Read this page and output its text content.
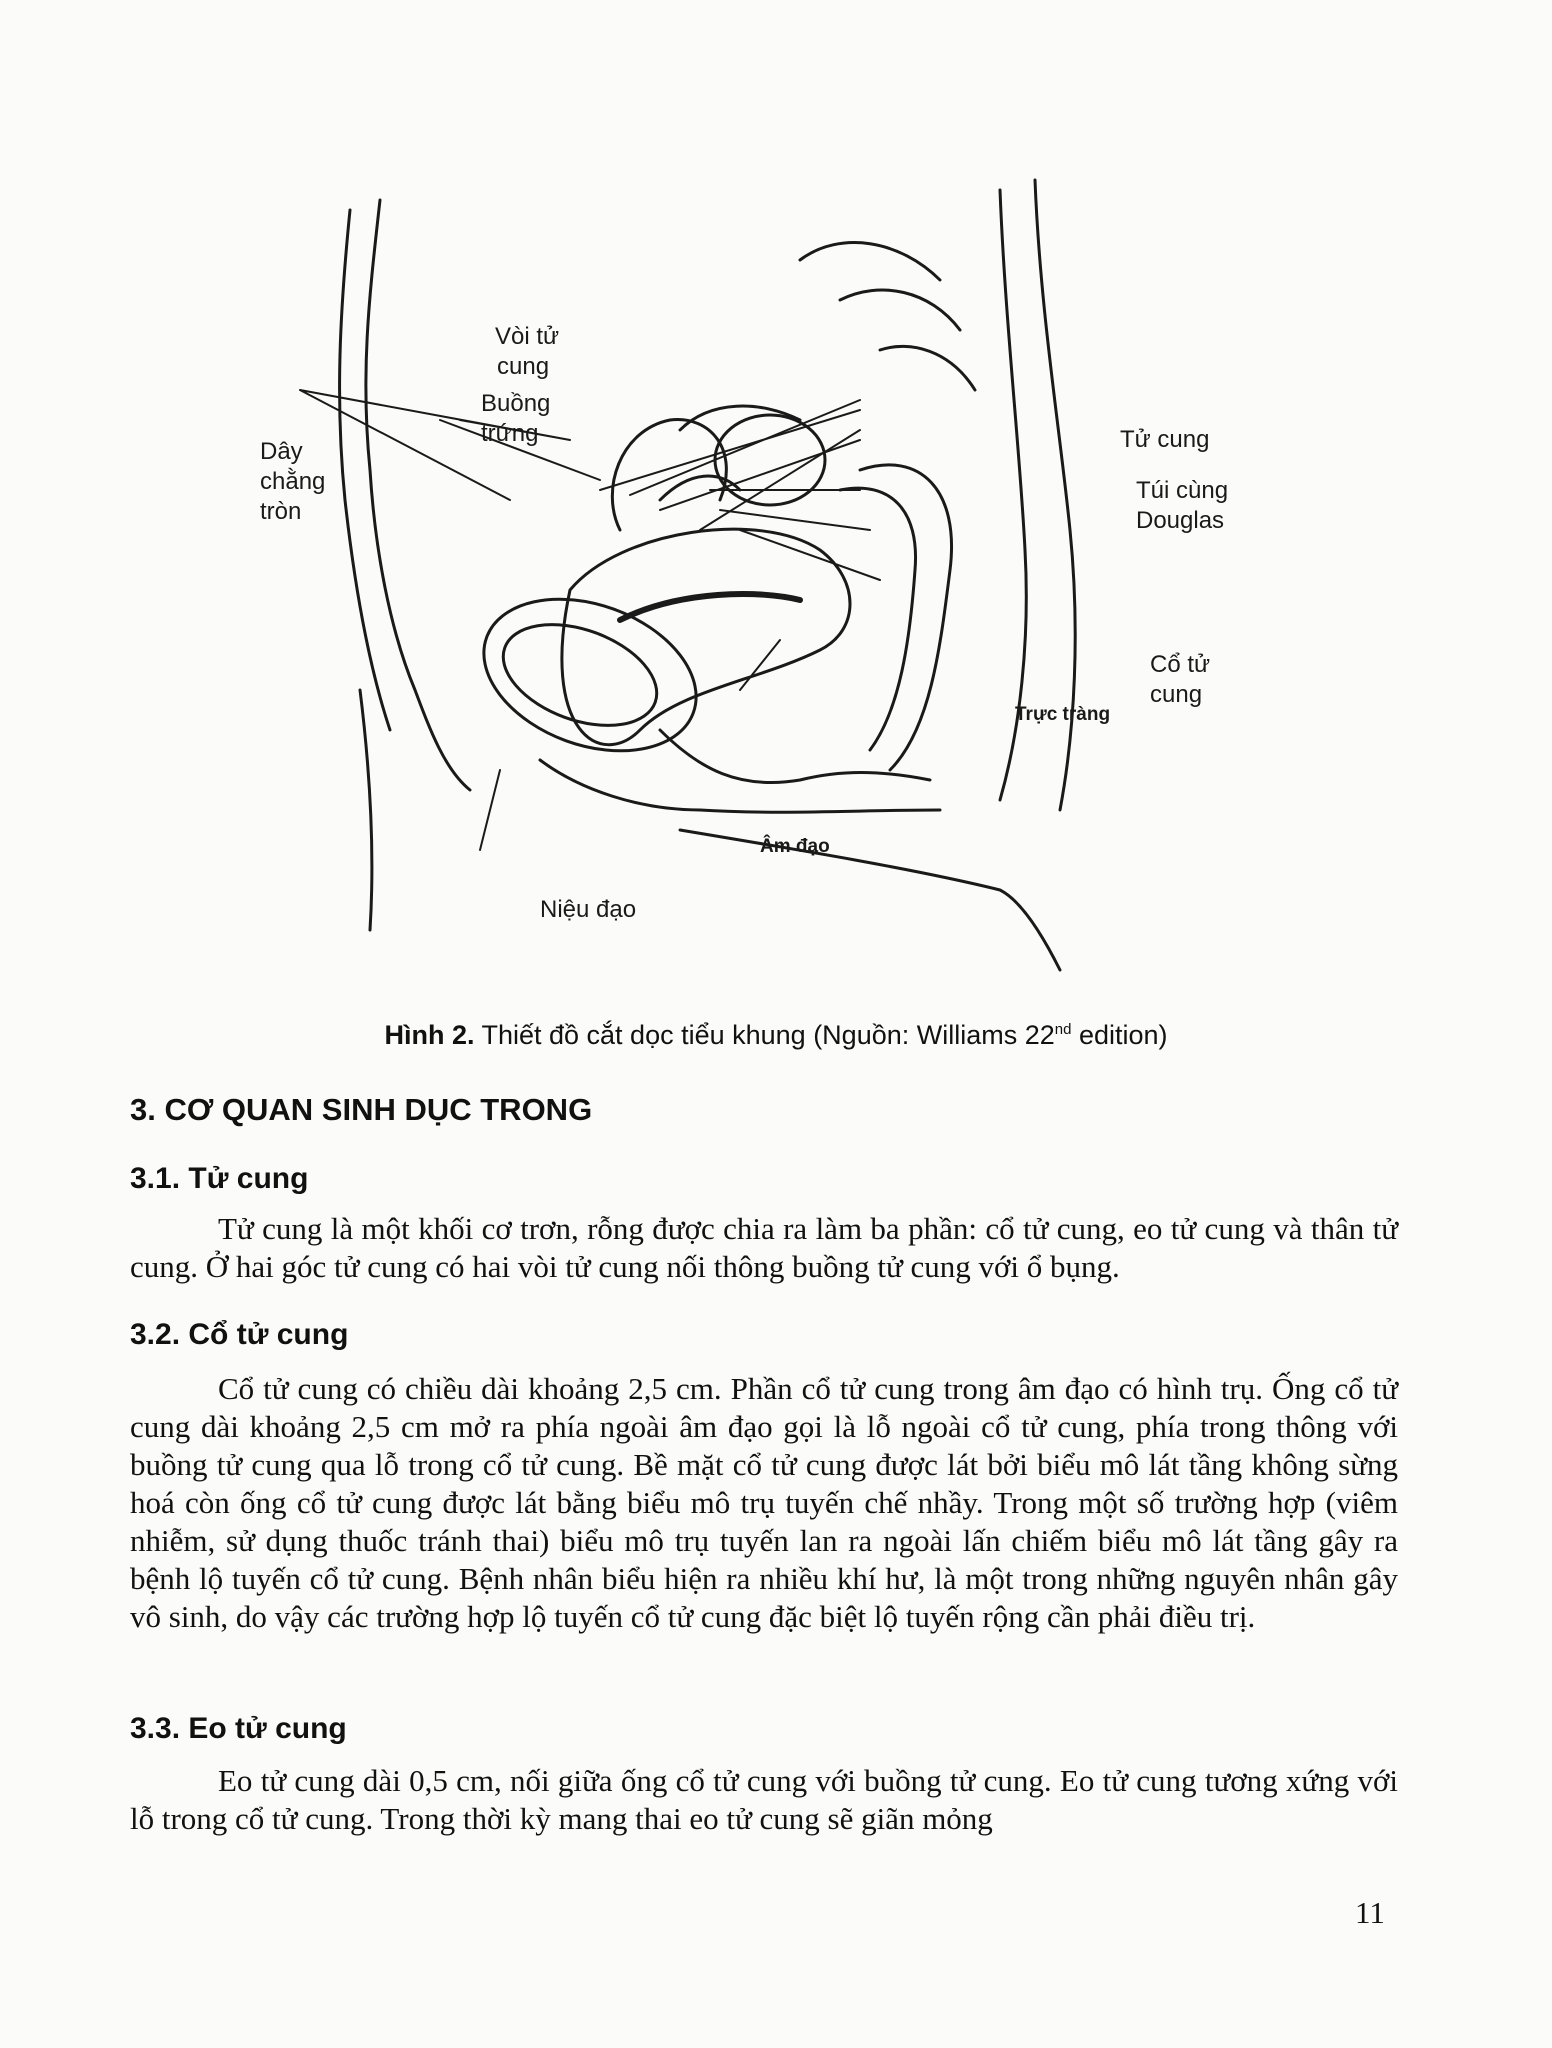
Vòi tử
cung
Buồng
trứng
Dây
chằng
tròn
Tử cung
Túi cùng
Douglas
Cổ tử
cung
Trực tràng
Âm đạo
Niệu đạo
Hình 2. Thiết đồ cắt dọc tiểu khung (Nguồn: Williams 22nd edition)
3. CƠ QUAN SINH DỤC TRONG
3.1. Tử cung

Tử cung là một khối cơ trơn, rỗng được chia ra làm ba phần: cổ tử cung, eo tử cung và thân tử cung. Ở hai góc tử cung có hai vòi tử cung nối thông buồng tử cung với ổ bụng.

3.2. Cổ tử cung

Cổ tử cung có chiều dài khoảng 2,5 cm. Phần cổ tử cung trong âm đạo có hình trụ. Ống cổ tử cung dài khoảng 2,5 cm mở ra phía ngoài âm đạo gọi là lỗ ngoài cổ tử cung, phía trong thông với buồng tử cung qua lỗ trong cổ tử cung. Bề mặt cổ tử cung được lát bởi biểu mô lát tầng không sừng hoá còn ống cổ tử cung được lát bằng biểu mô trụ tuyến chế nhầy. Trong một số trường hợp (viêm nhiễm, sử dụng thuốc tránh thai) biểu mô trụ tuyến lan ra ngoài lấn chiếm biểu mô lát tầng gây ra bệnh lộ tuyến cổ tử cung. Bệnh nhân biểu hiện ra nhiều khí hư, là một trong những nguyên nhân gây vô sinh, do vậy các trường hợp lộ tuyến cổ tử cung đặc biệt lộ tuyến rộng cần phải điều trị.

3.3. Eo tử cung

Eo tử cung dài 0,5 cm, nối giữa ống cổ tử cung với buồng tử cung. Eo tử cung tương xứng với lỗ trong cổ tử cung. Trong thời kỳ mang thai eo tử cung sẽ giãn mỏng

11
